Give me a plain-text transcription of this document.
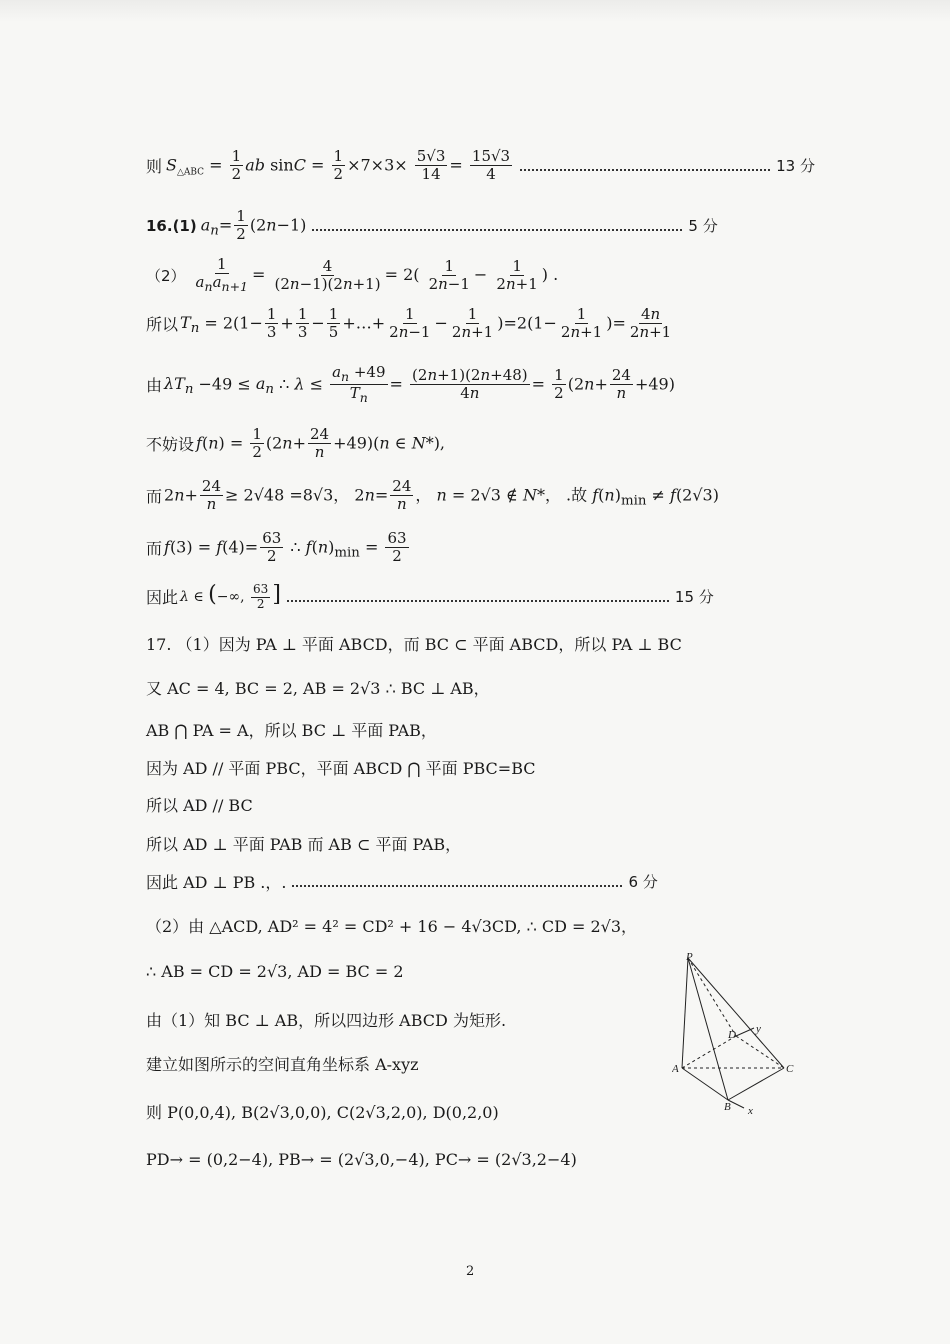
则 $S_{\triangle ABC} = \frac{1}{2}$ ab $\sin C = \frac{1}{2} \times 7\times 3\times \frac{5√3}{14} = \frac{15√3}{4}$	13 分
16.(1) $a_n= \frac{1}{2} (2n-1)$	5 分
$(2) \frac{1}{a_na_{n+1}} = \frac{4}{(2n-1)(2n+1)} = 2( \frac{1}{2n-1} - \frac{1}{2n+1}$ ) .
所以 $T_n = 2(1- \frac{1}{3} + \frac{1}{3} - \frac{1}{5}$ +…+ $\frac{1}{2n-1} - \frac{1}{2n+1} )=2(1- \frac{1}{2n+1}$ )= $\frac{4n}{2n+1}$
由 $\lambda T_n -49 \le a_n$ ∴ $\lambda \le \frac{a_n +49}{T_n} = \frac{(2n+1)(2n+48)}{4n} = \frac{1}{2} (2n+ \frac{24}{n} +49)$
不妨设 $f(n) = \frac{1}{2} (2n+ \frac{24}{n} +49)(n$ ∈ N*),
而 $2n+ \frac{24}{n} \ge 2√48 =8√3$， $2n= \frac{24}{n}$ ， n = 2√3 ∉ N*， .故 $f(n)_{min} \ne f(2√3)$
而 $f(3) = f(4)= \frac{63}{2}$ ∴ $f(n)_{min} = \frac{63}{2}$
因此 λ ∈ (−∞, $\frac{63}{2}$ ]	15 分
17. （1）因为 PA ⊥ 平面 ABCD，而 BC ⊂ 平面 ABCD，所以 PA ⊥ BC
又 AC = 4, BC = 2, AB = 2√3 ∴ BC ⊥ AB，
AB ⋂ PA = A，所以 BC ⊥ 平面 PAB，
因为 AD // 平面 PBC，平面 ABCD ⋂ 平面 PBC=BC
所以 AD // BC
所以 AD ⊥ 平面 PAB 而 AB ⊂ 平面 PAB，
因此 AD ⊥ PB .，.	6 分
（2）由 △ACD, AD² = 4² = CD² + 16 − 4√3CD, ∴ CD = 2√3，
∴ AB = CD = 2√3, AD = BC = 2
由（1）知 BC ⊥ AB，所以四边形 ABCD 为矩形.
建立如图所示的空间直角坐标系 A-xyz
则 P(0,0,4), B(2√3,0,0), C(2√3,2,0), D(0,2,0)
PD→ = (0,2−4), PB→ = (2√3,0,−4), PC→ = (2√3,2−4)
P
A
B
C
D
x
y
2
